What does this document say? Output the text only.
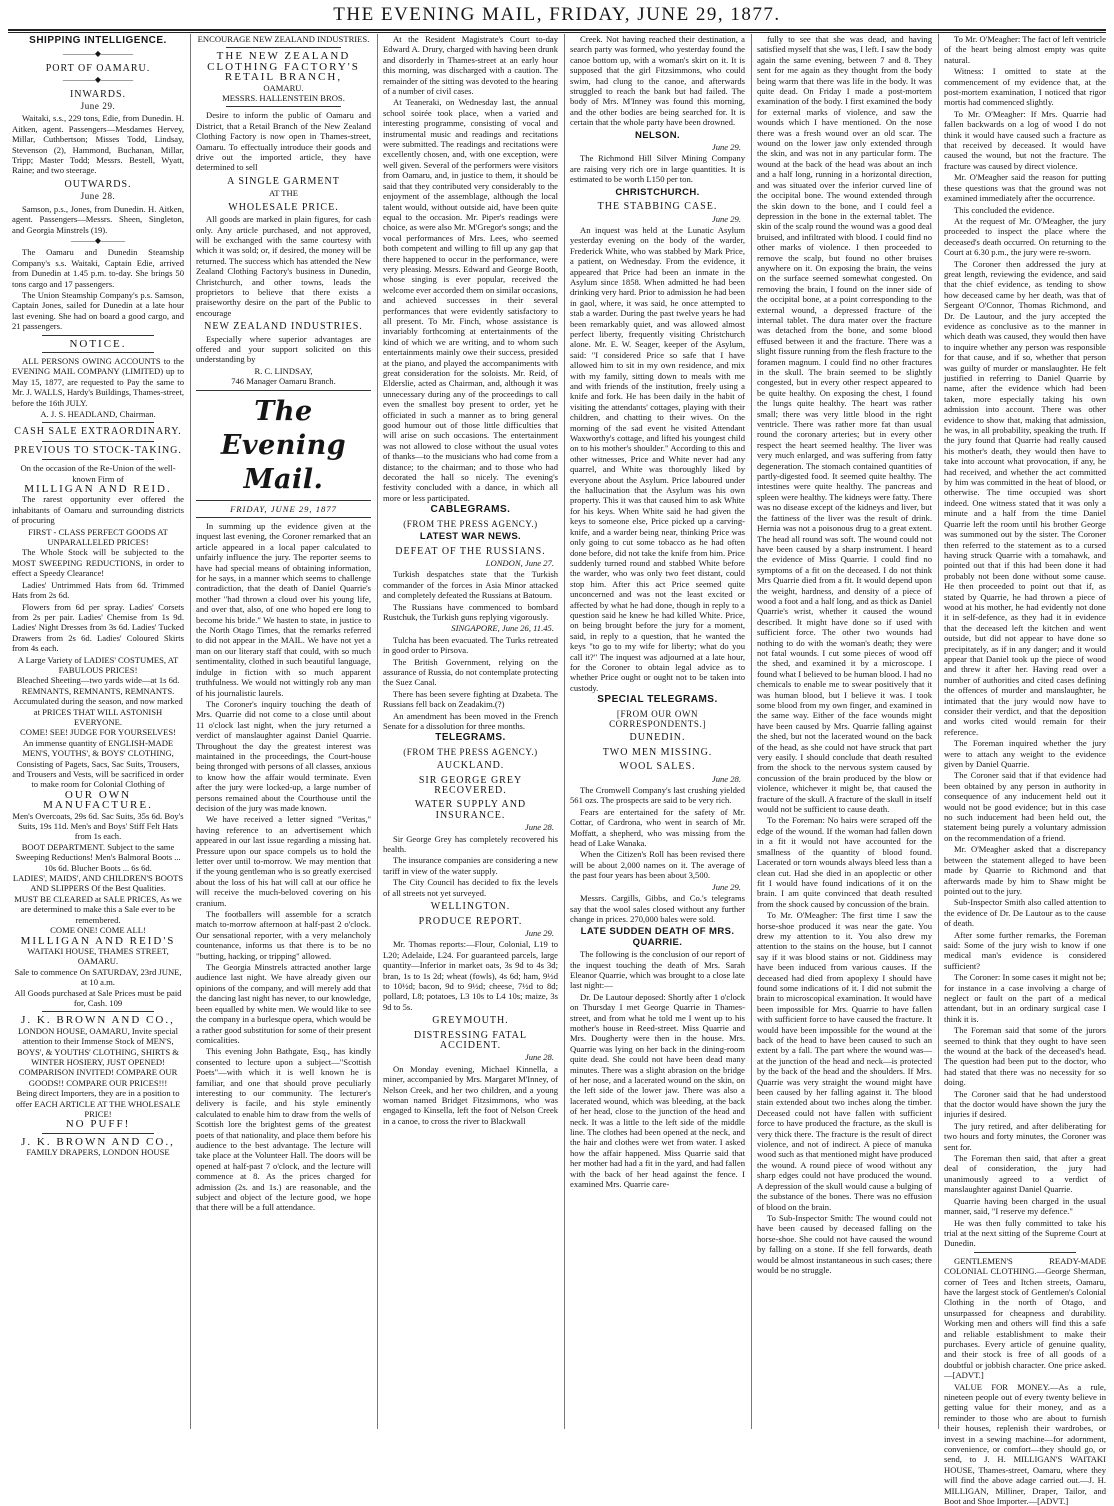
THE EVENING MAIL, FRIDAY, JUNE 29, 1877.
SHIPPING INTELLIGENCE.
————◆————
PORT OF OAMARU.
————◆————
INWARDS.
June 29.

Waitaki, s.s., 229 tons, Edie, from Dunedin. H. Aitken, agent. Passengers—Mesdames Hervey, Millar, Cuthbertson; Misses Todd, Lindsay, Stevenson (2), Hammond, Buchanan, Millar, Tripp; Master Todd; Messrs. Bestell, Wyatt, Raine; and two steerage.

OUTWARDS.
June 28.

Samson, p.s., Jones, from Dunedin. H. Aitken, agent. Passengers—Messrs. Sheen, Singleton, and Georgia Minstrels (19).

———◆———

The Oamaru and Dunedin Steamship Company's s.s. Waitaki, Captain Edie, arrived from Dunedin at 1.45 p.m. to-day. She brings 50 tons cargo and 17 passengers.

The Union Steamship Company's p.s. Samson, Captain Jones, sailed for Dunedin at a late hour last evening. She had on board a good cargo, and 21 passengers.

NOTICE.

ALL PERSONS OWING ACCOUNTS to the EVENING MAIL COMPANY (LIMITED) up to May 15, 1877, are requested to Pay the same to Mr. J. WALLS, Hardy's Buildings, Thames-street, before the 16th JULY.

A. J. S. HEADLAND, Chairman.
CASH SALE EXTRAORDINARY.
PREVIOUS TO STOCK-TAKING.
On the occasion of the Re-Union of the well-known Firm of
MILLIGAN AND REID.

The rarest opportunity ever offered the inhabitants of Oamaru and surrounding districts of procuring

FIRST - CLASS PERFECT GOODS AT UNPARALLELED PRICES!

The Whole Stock will be subjected to the MOST SWEEPING REDUCTIONS, in order to effect a Speedy Clearance!

Ladies' Untrimmed Hats from 6d. Trimmed Hats from 2s 6d.

Flowers from 6d per spray. Ladies' Corsets from 2s per pair. Ladies' Chemise from 1s 9d. Ladies' Night Dresses from 3s 6d. Ladies' Tucked Drawers from 2s 6d. Ladies' Coloured Skirts from 4s each.

A Large Variety of LADIES' COSTUMES, AT FABULOUS PRICES!
Bleached Sheeting—two yards wide—at 1s 6d.
REMNANTS, REMNANTS, REMNANTS. Accumulated during the season, and now marked at PRICES THAT WILL ASTONISH EVERYONE.
COME! SEE! JUDGE FOR YOURSELVES!
An immense quantity of ENGLISH-MADE MEN'S, YOUTHS', & BOYS' CLOTHING, Consisting of Pagets, Sacs, Sac Suits, Trousers, and Trousers and Vests, will be sacrificed in order to make room for Colonial Clothing of
OUR OWN MANUFACTURE.
Men's Overcoats, 29s 6d. Sac Suits, 35s 6d. Boy's Suits, 19s 11d. Men's and Boys' Stiff Felt Hats from 1s each.
BOOT DEPARTMENT. Subject to the same Sweeping Reductions! Men's Balmoral Boots ... 10s 6d. Blucher Boots ... 6s 6d.
LADIES', MAIDS', AND CHILDREN'S BOOTS AND SLIPPERS Of the Best Qualities.
MUST BE CLEARED at SALE PRICES, As we are determined to make this a Sale ever to be remembered.
COME ONE! COME ALL!
MILLIGAN AND REID'S
WAITAKI HOUSE, THAMES STREET, OAMARU.
Sale to commence On SATURDAY, 23rd JUNE, at 10 a.m.
All Goods purchased at Sale Prices must be paid for, Cash. 109
J. K. BROWN AND CO.,
LONDON HOUSE, OAMARU, Invite special attention to their Immense Stock of MEN'S, BOYS', & YOUTHS' CLOTHING, SHIRTS & WINTER HOSIERY, JUST OPENED!
COMPARISON INVITED! COMPARE OUR GOODS!! COMPARE OUR PRICES!!!
Being direct Importers, they are in a position to offer EACH ARTICLE AT THE WHOLESALE PRICE!
NO PUFF!
J. K. BROWN AND CO.,
FAMILY DRAPERS, LONDON HOUSE
ENCOURAGE NEW ZEALAND INDUSTRIES.
THE NEW ZEALAND CLOTHING FACTORY'S
RETAIL BRANCH,
OAMARU.
MESSRS. HALLENSTEIN BROS.

Desire to inform the public of Oamaru and District, that a Retail Branch of the New Zealand Clothing Factory is now open in Thames-street, Oamaru. To effectually introduce their goods and drive out the imported article, they have determined to sell

A SINGLE GARMENT
AT THE
WHOLESALE PRICE.

All goods are marked in plain figures, for cash only. Any article purchased, and not approved, will be exchanged with the same courtesy with which it was sold; or, if desired, the money will be returned. The success which has attended the New Zealand Clothing Factory's business in Dunedin, Christchurch, and other towns, leads the proprietors to believe that there exists a praiseworthy desire on the part of the Public to encourage

NEW ZEALAND INDUSTRIES.

Especially where superior advantages are offered and your support solicited on this understanding by

R. C. LINDSAY,
746 Manager Oamaru Branch.
The Evening Mail.
FRIDAY, JUNE 29, 1877

In summing up the evidence given at the inquest last evening, the Coroner remarked that an article appeared in a local paper calculated to unfairly influence the jury. The reporter seems to have had special means of obtaining information, for he says, in a manner which seems to challenge contradiction, that the death of Daniel Quarrie's mother "had thrown a cloud over his young life, and over that, also, of one who hoped ere long to become his bride." We hasten to state, in justice to the North Otago Times, that the remarks referred to did not appear in the MAIL. We have not yet a man on our literary staff that could, with so much sentimentality, clothed in such beautiful language, indulge in fiction with so much apparent truthfulness. We would not wittingly rob any man of his journalistic laurels.

The Coroner's inquiry touching the death of Mrs. Quarrie did not come to a close until about 11 o'clock last night, when the jury returned a verdict of manslaughter against Daniel Quarrie. Throughout the day the greatest interest was maintained in the proceedings, the Court-house being thronged with persons of all classes, anxious to know how the affair would terminate. Even after the jury were locked-up, a large number of persons remained about the Courthouse until the decision of the jury was made known.

We have received a letter signed "Veritas," having reference to an advertisement which appeared in our last issue regarding a missing hat. Pressure upon our space compels us to hold the letter over until to-morrow. We may mention that if the young gentleman who is so greatly exercised about the loss of his hat will call at our office he will receive the much-beloved covering on his cranium.

The footballers will assemble for a scratch match to-morrow afternoon at half-past 2 o'clock. Our sensational reporter, with a very melancholy countenance, informs us that there is to be no "butting, hacking, or tripping" allowed.

The Georgia Minstrels attracted another large audience last night. We have already given our opinions of the company, and will merely add that the dancing last night has never, to our knowledge, been equalled by white men. We would like to see the company in a burlesque opera, which would be a rather good substitution for some of their present comicalities.

This evening John Bathgate, Esq., has kindly consented to lecture upon a subject—"Scottish Poets"—with which it is well known he is familiar, and one that should prove peculiarly interesting to our community. The lecturer's delivery is facile, and his style eminently calculated to enable him to draw from the wells of Scottish lore the brightest gems of the greatest poets of that nationality, and place them before his audience to the best advantage. The lecture will take place at the Volunteer Hall. The doors will be opened at half-past 7 o'clock, and the lecture will commence at 8. As the prices charged for admission (2s. and 1s.) are reasonable, and the subject and object of the lecture good, we hope that there will be a full attendance.

At the Resident Magistrate's Court to-day Edward A. Drury, charged with having been drunk and disorderly in Thames-street at an early hour this morning, was discharged with a caution. The remainder of the sitting was devoted to the hearing of a number of civil cases.

At Teaneraki, on Wednesday last, the annual school soirée took place, when a varied and interesting programme, consisting of vocal and instrumental music and readings and recitations were submitted. The readings and recitations were excellently chosen, and, with one exception, were well given. Several of the performers were visitors from Oamaru, and, in justice to them, it should be said that they contributed very considerably to the enjoyment of the assemblage, although the local talent would, without outside aid, have been quite equal to the occasion. Mr. Piper's readings were choice, as were also Mr. M'Gregor's songs; and the vocal performances of Mrs. Lees, who seemed both competent and willing to fill up any gap that there happened to occur in the performance, were very pleasing. Messrs. Edward and George Booth, whose singing is ever popular, received the welcome ever accorded them on similar occasions, and achieved successes in their several performances that were evidently satisfactory to all present. To Mr. Finch, whose assistance is invariably forthcoming at entertainments of the kind of which we are writing, and to whom such entertainments mainly owe their success, presided at the piano, and played the accompaniments with great consideration for the soloists. Mr. Reid, of Elderslie, acted as Chairman, and, although it was unnecessary during any of the proceedings to call even the smallest boy present to order, yet he officiated in such a manner as to bring general good humour out of those little difficulties that will arise on such occasions. The entertainment was not allowed to close without the usual votes of thanks—to the musicians who had come from a distance; to the chairman; and to those who had decorated the hall so nicely. The evening's festivity concluded with a dance, in which all more or less participated.

CABLEGRAMS.
(FROM THE PRESS AGENCY.)
LATEST WAR NEWS.
DEFEAT OF THE RUSSIANS.
LONDON, June 27.

Turkish despatches state that the Turkish commander of the forces in Asia Minor attacked and completely defeated the Russians at Batoum.

The Russians have commenced to bombard Rustchuk, the Turkish guns replying vigorously.

SINGAPORE, June 26, 11.45.

Tulcha has been evacuated. The Turks retreated in good order to Pirsova.

The British Government, relying on the assurance of Russia, do not contemplate protecting the Suez Canal.

There has been severe fighting at Dzabeta. The Russians fell back on Zeadakim.(?)

An amendment has been moved in the French Senate for a dissolution for three months.

TELEGRAMS.
(FROM THE PRESS AGENCY.)
AUCKLAND.
SIR GEORGE GREY RECOVERED.
WATER SUPPLY AND INSURANCE.
June 28.

Sir George Grey has completely recovered his health.

The insurance companies are considering a new tariff in view of the water supply.

The City Council has decided to fix the levels of all streets not yet surveyed.

WELLINGTON.
PRODUCE REPORT.
June 29.

Mr. Thomas reports:—Flour, Colonial, L19 to L20; Adelaide, L24. For guaranteed parcels, large quantity—Inferior in market oats, 3s 9d to 4s 3d; bran, 1s to 1s 2d; wheat (fowls), 4s 6d; ham, 9½d to 10½d; bacon, 9d to 9½d; cheese, 7½d to 8d; pollard, L8; potatoes, L3 10s to L4 10s; maize, 3s 9d to 5s.

GREYMOUTH.
DISTRESSING FATAL ACCIDENT.
June 28.

On Monday evening, Michael Kinnella, a miner, accompanied by Mrs. Margaret M'Inney, of Nelson Creek, and her two children, and a young woman named Bridget Fitzsimmons, who was engaged to Kinsella, left the foot of Nelson Creek in a canoe, to cross the river to Blackwall

Creek. Not having reached their destination, a search party was formed, who yesterday found the canoe bottom up, with a woman's skirt on it. It is supposed that the girl Fitzsimmons, who could swim, had clung to the canoe, and afterwards struggled to reach the bank but had failed. The body of Mrs. M'Inney was found this morning, and the other bodies are being searched for. It is certain that the whole party have been drowned.

NELSON.
June 29.

The Richmond Hill Silver Mining Company are raising very rich ore in large quantities. It is estimated to be worth L150 per ton.

CHRISTCHURCH.
THE STABBING CASE.
June 29.

An inquest was held at the Lunatic Asylum yesterday evening on the body of the warder, Frederick White, who was stabbed by Mark Price, a patient, on Wednesday. From the evidence, it appeared that Price had been an inmate in the Asylum since 1858. When admitted he had been drinking very hard. Prior to admission he had been in gaol, where, it was said, he once attempted to stab a warder. During the past twelve years he had been remarkably quiet, and was allowed almost perfect liberty, frequently visiting Christchurch alone. Mr. E. W. Seager, keeper of the Asylum, said: "I considered Price so safe that I have allowed him to sit in my own residence, and mix with my family, sitting down to meals with me and with friends of the institution, freely using a knife and fork. He has been daily in the habit of visiting the attendants' cottages, playing with their children, and chatting to their wives. On the morning of the sad event he visited Attendant Waxworthy's cottage, and lifted his youngest child on to his mother's shoulder." According to this and other witnesses, Price and White never had any quarrel, and White was thoroughly liked by everyone about the Asylum. Price laboured under the hallucination that the Asylum was his own property. This it was that caused him to ask White for his keys. When White said he had given the keys to someone else, Price picked up a carving-knife, and a warder being near, thinking Price was only going to cut some tobacco as he had often done before, did not take the knife from him. Price suddenly turned round and stabbed White before the warder, who was only two feet distant, could stop him. After this act Price seemed quite unconcerned and was not the least excited or affected by what he had done, though in reply to a question said he knew he had killed White. Price, on being brought before the jury for a moment, said, in reply to a question, that he wanted the keys "to go to my wife for liberty; what do you call it?" The inquest was adjourned at a late hour, for the Coroner to obtain legal advice as to whether Price ought or ought not to be taken into custody.

SPECIAL TELEGRAMS.
[FROM OUR OWN CORRESPONDENTS.]
DUNEDIN.
TWO MEN MISSING.
WOOL SALES.
June 28.

The Cromwell Company's last crushing yielded 561 ozs. The prospects are said to be very rich.

Fears are entertained for the safety of Mr. Cottar, of Cardrona, who went in search of Mr. Moffatt, a shepherd, who was missing from the head of Lake Wanaka.

When the Citizen's Roll has been revised there will be about 2,000 names on it. The average of the past four years has been about 3,500.

June 29.

Messrs. Cargills, Gibbs, and Co.'s telegrams say that the wool sales closed without any further change in prices. 270,000 bales were sold.

LATE SUDDEN DEATH OF MRS. QUARRIE.

The following is the conclusion of our report of the inquest touching the death of Mrs. Sarah Eleanor Quarrie, which was brought to a close late last night:—

Dr. De Lautour deposed: Shortly after 1 o'clock on Thursday I met George Quarrie in Thames-street, and from what he told me I went up to his mother's house in Reed-street. Miss Quarrie and Mrs. Dougherty were then in the house. Mrs. Quarrie was lying on her back in the dining-room quite dead. She could not have been dead many minutes. There was a slight abrasion on the bridge of her nose, and a lacerated wound on the skin, on the left side of the lower jaw. There was also a lacerated wound, which was bleeding, at the back of her head, close to the junction of the head and neck. It was a little to the left side of the middle line. The clothes had been opened at the neck, and the hair and clothes were wet from water. I asked how the affair happened. Miss Quarrie said that her mother had had a fit in the yard, and had fallen with the back of her head against the fence. I examined Mrs. Quarrie care-

fully to see that she was dead, and having satisfied myself that she was, I left. I saw the body again the same evening, between 7 and 8. They sent for me again as they thought from the body being warm that there was life in the body. It was quite dead. On Friday I made a post-mortem examination of the body. I first examined the body for external marks of violence, and saw the wounds which I have mentioned. On the nose there was a fresh wound over an old scar. The wound on the lower jaw only extended through the skin, and was not in any particular form. The wound at the back of the head was about an inch and a half long, running in a horizontal direction, and was situated over the inferior curved line of the occipital bone. The wound extended through the skin down to the bone, and I could feel a depression in the bone in the external tablet. The skin of the scalp round the wound was a good deal bruised, and infiltrated with blood. I could find no other marks of violence. I then proceeded to remove the scalp, but found no other bruises anywhere on it. On exposing the brain, the veins on the surface seemed somewhat congested. On removing the brain, I found on the inner side of the occipital bone, at a point corresponding to the external wound, a depressed fracture of the internal tablet. The dura mater over the fracture was detached from the bone, and some blood effused between it and the fracture. There was a slight fissure running from the flesh fracture to the foramen magnum. I could find no other fractures in the skull. The brain seemed to be slightly congested, but in every other respect appeared to be quite healthy. On exposing the chest, I found the lungs quite healthy. The heart was rather small; there was very little blood in the right ventricle. There was rather more fat than usual round the coronary arteries; but in every other respect the heart seemed healthy. The liver was very much enlarged, and was suffering from fatty degeneration. The stomach contained quantities of partly-digested food. It seemed quite healthy. The intestines were quite healthy. The pancreas and spleen were healthy. The kidneys were fatty. There was no disease except of the kidneys and liver, but the fattiness of the liver was the result of drink. Hernia was not a poisonous drug to a great extent. The head all round was soft. The wound could not have been caused by a sharp instrument. I heard the evidence of Miss Quarrie. I could find no symptoms of a fit on the deceased. I do not think Mrs Quarrie died from a fit. It would depend upon the weight, hardness, and density of a piece of wood a foot and a half long, and as thick as Daniel Quarrie's wrist, whether it caused the wound described. It might have done so if used with sufficient force. The other two wounds had nothing to do with the woman's death; they were not fatal wounds. I cut some pieces of wood off the shed, and examined it by a microscope. I found what I believed to be human blood. I had no chemicals to enable me to swear positively that it was human blood, but I believe it was. I took some blood from my own finger, and examined in the same way. Either of the face wounds might have been caused by Mrs. Quarrie falling against the shed, but not the lacerated wound on the back of the head, as she could not have struck that part very easily. I should conclude that death resulted from the shock to the nervous system caused by concussion of the brain produced by the blow or violence, whichever it might be, that caused the fracture of the skull. A fracture of the skull in itself would not be sufficient to cause death.

To the Foreman: No hairs were scraped off the edge of the wound. If the woman had fallen down in a fit it would not have accounted for the smallness of the quantity of blood found. Lacerated or torn wounds always bleed less than a clean cut. Had she died in an apoplectic or other fit I would have found indications of it on the brain. I am quite convinced that death resulted from the shock caused by concussion of the brain.

To Mr. O'Meagher: The first time I saw the horse-shoe produced it was near the gate. You drew my attention to it. You also drew my attention to the stains on the house, but I cannot say if it was blood stains or not. Giddiness may have been induced from various causes. If the deceased had died from apoplexy I should have found some indications of it. I did not submit the brain to microscopical examination. It would have been impossible for Mrs. Quarrie to have fallen with sufficient force to have caused the fracture. It would have been impossible for the wound at the back of the head to have been caused to such an extent by a fall. The part where the wound was—at the junction of the head and neck—is protected by the back of the head and the shoulders. If Mrs. Quarrie was very straight the wound might have been caused by her falling against it. The blood stain extended about two inches along the timber. Deceased could not have fallen with sufficient force to have produced the fracture, as the skull is very thick there. The fracture is the result of direct violence, and not of indirect. A piece of manuka wood such as that mentioned might have produced the wound. A round piece of wood without any sharp edges could not have produced the wound. A depression of the skull would cause a bulging of the substance of the bones. There was no effusion of blood on the brain.

To Sub-Inspector Smith: The wound could not have been caused by deceased falling on the horse-shoe. She could not have caused the wound by falling on a stone. If she fell forwards, death would be almost instantaneous in such cases; there would be no struggle.

To Mr. O'Meagher: The fact of left ventricle of the heart being almost empty was quite natural.

Witness: I omitted to state at the commencement of my evidence that, at the post-mortem examination, I noticed that rigor mortis had commenced slightly.

To Mr. O'Meagher: If Mrs. Quarrie had fallen backwards on a log of wood I do not think it would have caused such a fracture as that received by deceased. It would have caused the wound, but not the fracture. The fracture was caused by direct violence.

Mr. O'Meagher said the reason for putting these questions was that the ground was not examined immediately after the occurrence.

This concluded the evidence.

At the request of Mr. O'Meagher, the jury proceeded to inspect the place where the deceased's death occurred. On returning to the Court at 6.30 p.m., the jury were re-sworn.

The Coroner then addressed the jury at great length, reviewing the evidence, and said that the chief evidence, as tending to show how deceased came by her death, was that of Sergeant O'Connor, Thomas Richmond, and Dr. De Lautour, and the jury accepted the evidence as conclusive as to the manner in which death was caused, they would then have to inquire whether any person was responsible for that cause, and if so, whether that person was guilty of murder or manslaughter. He felt justified in referring to Daniel Quarrie by name, after the evidence which had been taken, more especially taking his own admission into account. There was other evidence to show that, making that admission, he was, in all probability, speaking the truth. If the jury found that Quarrie had really caused his mother's death, they would then have to take into account what provocation, if any, he had received, and whether the act committed by him was committed in the heat of blood, or otherwise. The time occupied was short indeed. One witness stated that it was only a minute and a half from the time Daniel Quarrie left the room until his brother George was summoned out by the sister. The Coroner then referred to the statement as to a cursed having struck Quarrie with a tomahawk, and pointed out that if this had been done it had probably not been done without some cause. He then proceeded to point out that if, as stated by Quarrie, he had thrown a piece of wood at his mother, he had evidently not done it in self-defence, as they had it in evidence that the deceased left the kitchen and went outside, but did not appear to have done so precipitately, as if in any danger; and it would appear that Daniel took up the piece of wood and threw it after her. Having read over a number of authorities and cited cases defining the offences of murder and manslaughter, he intimated that the jury would now have to consider their verdict, and that the deposition and works cited would remain for their reference.

The Foreman inquired whether the jury were to attach any weight to the evidence given by Daniel Quarrie.

The Coroner said that if that evidence had been obtained by any person in authority in consequence of any inducement held out it would not be good evidence; but in this case no such inducement had been held out, the statement being purely a voluntary admission on the recommendation of a friend.

Mr. O'Meagher asked that a discrepancy between the statement alleged to have been made by Quarrie to Richmond and that afterwards made by him to Shaw might be pointed out to the jury.

Sub-Inspector Smith also called attention to the evidence of Dr. De Lautour as to the cause of death.

After some further remarks, the Foreman said: Some of the jury wish to know if one medical man's evidence is considered sufficient?

The Coroner: In some cases it might not be; for instance in a case involving a charge of neglect or fault on the part of a medical attendant, but in an ordinary surgical case I think it is.

The Foreman said that some of the jurors seemed to think that they ought to have seen the wound at the back of the deceased's head. The question had been put to the doctor, who had stated that there was no necessity for so doing.

The Coroner said that he had understood that the doctor would have shown the jury the injuries if desired.

The jury retired, and after deliberating for two hours and forty minutes, the Coroner was sent for.

The Foreman then said, that after a great deal of consideration, the jury had unanimously agreed to a verdict of manslaughter against Daniel Quarrie.

Quarrie having been charged in the usual manner, said, "I reserve my defence."

He was then fully committed to take his trial at the next sitting of the Supreme Court at Dunedin.

GENTLEMEN'S READY-MADE COLONIAL CLOTHING.—George Sherman, corner of Tees and Itchen streets, Oamaru, have the largest stock of Gentlemen's Colonial Clothing in the north of Otago, and unsurpassed for cheapness and durability. Working men and others will find this a safe and reliable establishment to make their purchases. Every article of genuine quality, and their stock is free of all goods of a doubtful or jobbish character. One price asked.—[ADVT.]

VALUE FOR MONEY.—As a rule, nineteen people out of every twenty believe in getting value for their money, and as a reminder to those who are about to furnish their houses, replenish their wardrobes, or invest in a sewing machine—for adornment, convenience, or comfort—they should go, or send, to J. H. MILLIGAN'S WAITAKI HOUSE, Thames-street, Oamaru, where they will find the above adage carried out.—J. H. MILLIGAN, Milliner, Draper, Tailor, and Boot and Shoe Importer.—[ADVT.]
